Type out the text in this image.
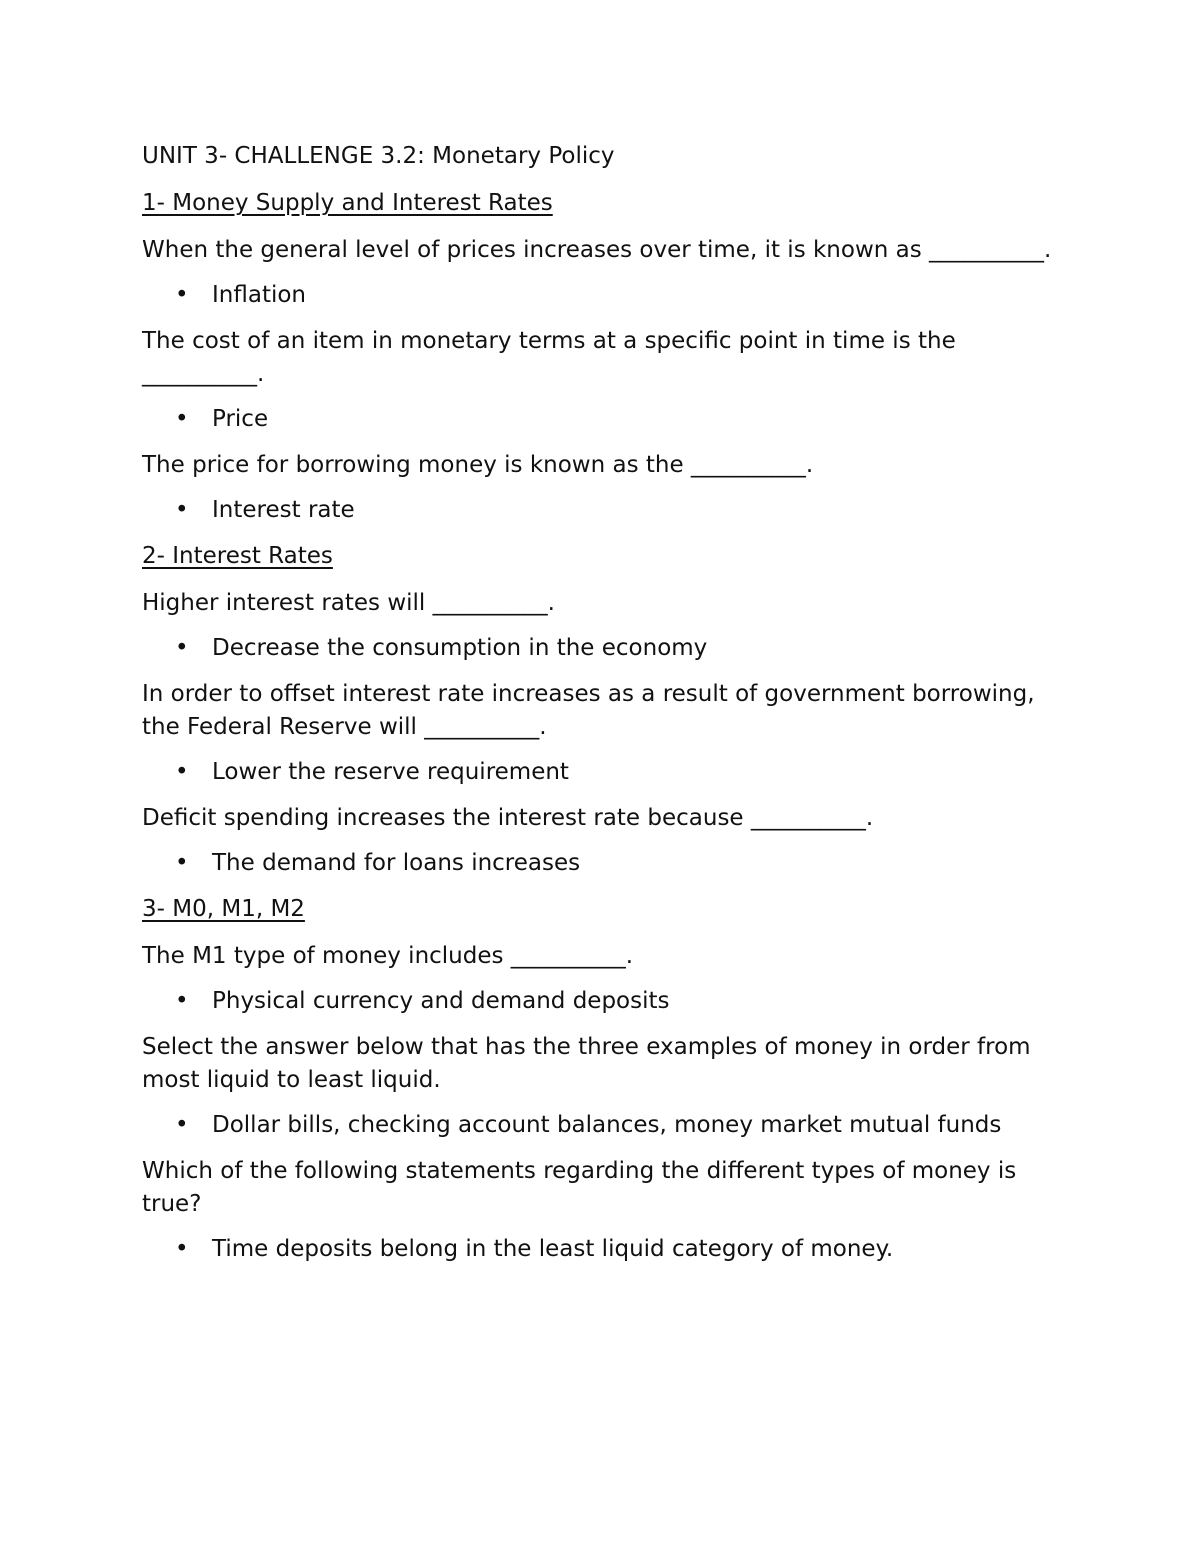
UNIT 3- CHALLENGE 3.2: Monetary Policy

1- Money Supply and Interest Rates

When the general level of prices increases over time, it is known as __________.

• Inflation

The cost of an item in monetary terms at a specific point in time is the __________.

• Price

The price for borrowing money is known as the __________.

• Interest rate

2- Interest Rates

Higher interest rates will __________.

• Decrease the consumption in the economy

In order to offset interest rate increases as a result of government borrowing, the Federal Reserve will __________.

• Lower the reserve requirement

Deficit spending increases the interest rate because __________.

• The demand for loans increases

3- M0, M1, M2

The M1 type of money includes __________.

• Physical currency and demand deposits

Select the answer below that has the three examples of money in order from most liquid to least liquid.

• Dollar bills, checking account balances, money market mutual funds

Which of the following statements regarding the different types of money is true?

• Time deposits belong in the least liquid category of money.
